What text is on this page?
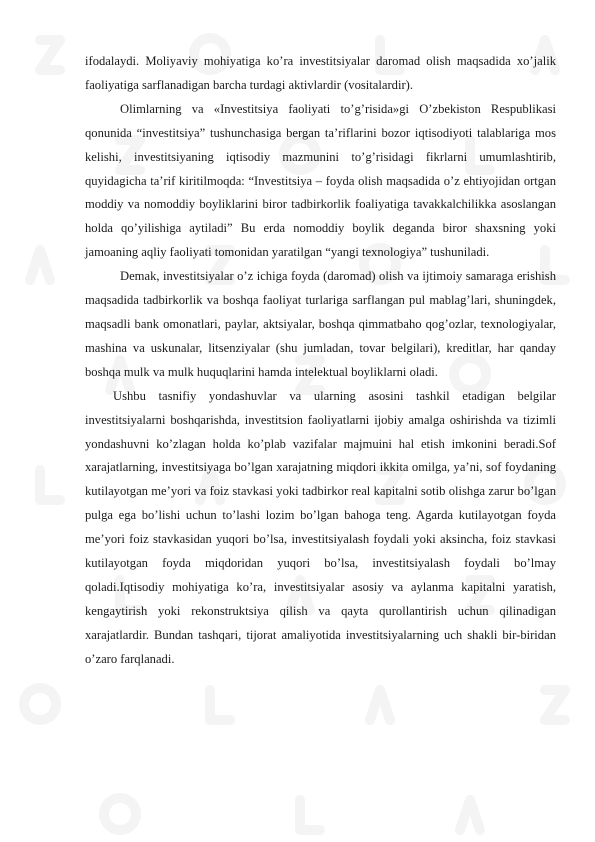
ifodalaydi. Moliyaviy mohiyatiga ko’ra investitsiyalar daromad olish maqsadida xo’jalik faoliyatiga sarflanadigan barcha turdagi aktivlardir (vositalardir).

Olimlarning va «Investitsiya faoliyati to’g’risida»gi O’zbekiston Respublikasi qonunida “investitsiya” tushunchasiga bergan ta’riflarini bozor iqtisodiyoti talablariga mos kelishi, investitsiyaning iqtisodiy mazmunini to’g’risidagi fikrlarni umumlashtirib, quyidagicha ta’rif kiritilmoqda: “Investitsiya – foyda olish maqsadida o’z ehtiyojidan ortgan moddiy va nomoddiy boyliklarini biror tadbirkorlik foaliyatiga tavakkalchilikka asoslangan holda qo’yilishiga aytiladi” Bu erda nomoddiy boylik deganda biror shaxsning yoki jamoaning aqliy faoliyati tomonidan yaratilgan “yangi texnologiya” tushuniladi.

Demak, investitsiyalar o’z ichiga foyda (daromad) olish va ijtimoiy samaraga erishish maqsadida tadbirkorlik va boshqa faoliyat turlariga sarflangan pul mablag’lari, shuningdek, maqsadli bank omonatlari, paylar, aktsiyalar, boshqa qimmatbaho qog’ozlar, texnologiyalar, mashina va uskunalar, litsenziyalar (shu jumladan, tovar belgilari), kreditlar, har qanday boshqa mulk va mulk huquqlarini hamda intelektual boyliklarni oladi.

Ushbu tasnifiy yondashuvlar va ularning asosini tashkil etadigan belgilar investitsiyalarni boshqarishda, investitsion faoliyatlarni ijobiy amalga oshirishda va tizimli yondashuvni ko’zlagan holda ko’plab vazifalar majmuini hal etish imkonini beradi.Sof xarajatlarning, investitsiyaga bo’lgan xarajatning miqdori ikkita omilga, ya’ni, sof foydaning kutilayotgan me’yori va foiz stavkasi yoki tadbirkor real kapitalni sotib olishga zarur bo’lgan pulga ega bo’lishi uchun to’lashi lozim bo’lgan bahoga teng. Agarda kutilayotgan foyda me’yori foiz stavkasidan yuqori bo’lsa, investitsiyalash foydali yoki aksincha, foiz stavkasi kutilayotgan foyda miqdoridan yuqori bo’lsa, investitsiyalash foydali bo’lmay qoladi.Iqtisodiy mohiyatiga ko’ra, investitsiyalar asosiy va aylanma kapitalni yaratish, kengaytirish yoki rekonstruktsiya qilish va qayta qurollantirish uchun qilinadigan xarajatlardir. Bundan tashqari, tijorat amaliyotida investitsiyalarning uch shakli bir-biridan o’zaro farqlanadi.
